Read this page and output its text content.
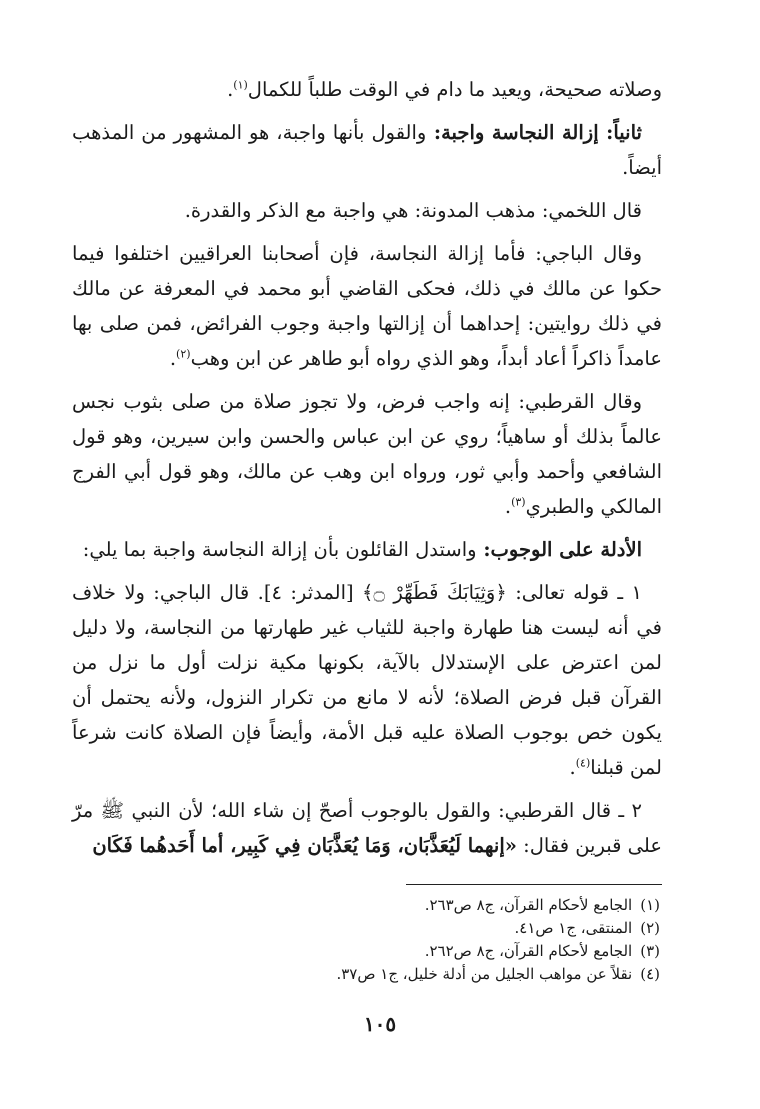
وصلاته صحيحة، ويعيد ما دام في الوقت طلباً للكمال$^{(١)}$.

ثانياً: إزالة النجاسة واجبة: والقول بأنها واجبة، هو المشهور من المذهب أيضاً.

قال اللخمي: مذهب المدونة: هي واجبة مع الذكر والقدرة.

وقال الباجي: فأما إزالة النجاسة، فإن أصحابنا العراقيين اختلفوا فيما حكوا عن مالك في ذلك، فحكى القاضي أبو محمد في المعرفة عن مالك في ذلك روايتين: إحداهما أن إزالتها واجبة وجوب الفرائض، فمن صلى بها عامداً ذاكراً أعاد أبداً، وهو الذي رواه أبو طاهر عن ابن وهب$^{(٢)}$.

وقال القرطبي: إنه واجب فرض، ولا تجوز صلاة من صلى بثوب نجس عالماً بذلك أو ساهياً؛ روي عن ابن عباس والحسن وابن سيرين، وهو قول الشافعي وأحمد وأبي ثور، ورواه ابن وهب عن مالك، وهو قول أبي الفرج المالكي والطبري$^{(٣)}$.

الأدلة على الوجوب: واستدل القائلون بأن إزالة النجاسة واجبة بما يلي:

١ ـ قوله تعالى: ﴿وَثِيَابَكَ فَطَهِّرْ ۝﴾ [المدثر: ٤]. قال الباجي: ولا خلاف في أنه ليست هنا طهارة واجبة للثياب غير طهارتها من النجاسة، ولا دليل لمن اعترض على الإستدلال بالآية، بكونها مكية نزلت أول ما نزل من القرآن قبل فرض الصلاة؛ لأنه لا مانع من تكرار النزول، ولأنه يحتمل أن يكون خص بوجوب الصلاة عليه قبل الأمة، وأيضاً فإن الصلاة كانت شرعاً لمن قبلنا$^{(٤)}$.

٢ ـ قال القرطبي: والقول بالوجوب أصحّ إن شاء الله؛ لأن النبي ﷺ مرّ على قبرين فقال: «إنهما لَيُعَذَّبَان، وَمَا يُعَذَّبَان فِي كَبِير، أما أَحَدهُما فَكَان

(١)الجامع لأحكام القرآن، ج٨ ص٢٦٣.
(٢)المنتقى، ج١ ص٤١.
(٣)الجامع لأحكام القرآن، ج٨ ص٢٦٢.
(٤)نقلاً عن مواهب الجليل من أدلة خليل، ج١ ص٣٧.
١٠٥
